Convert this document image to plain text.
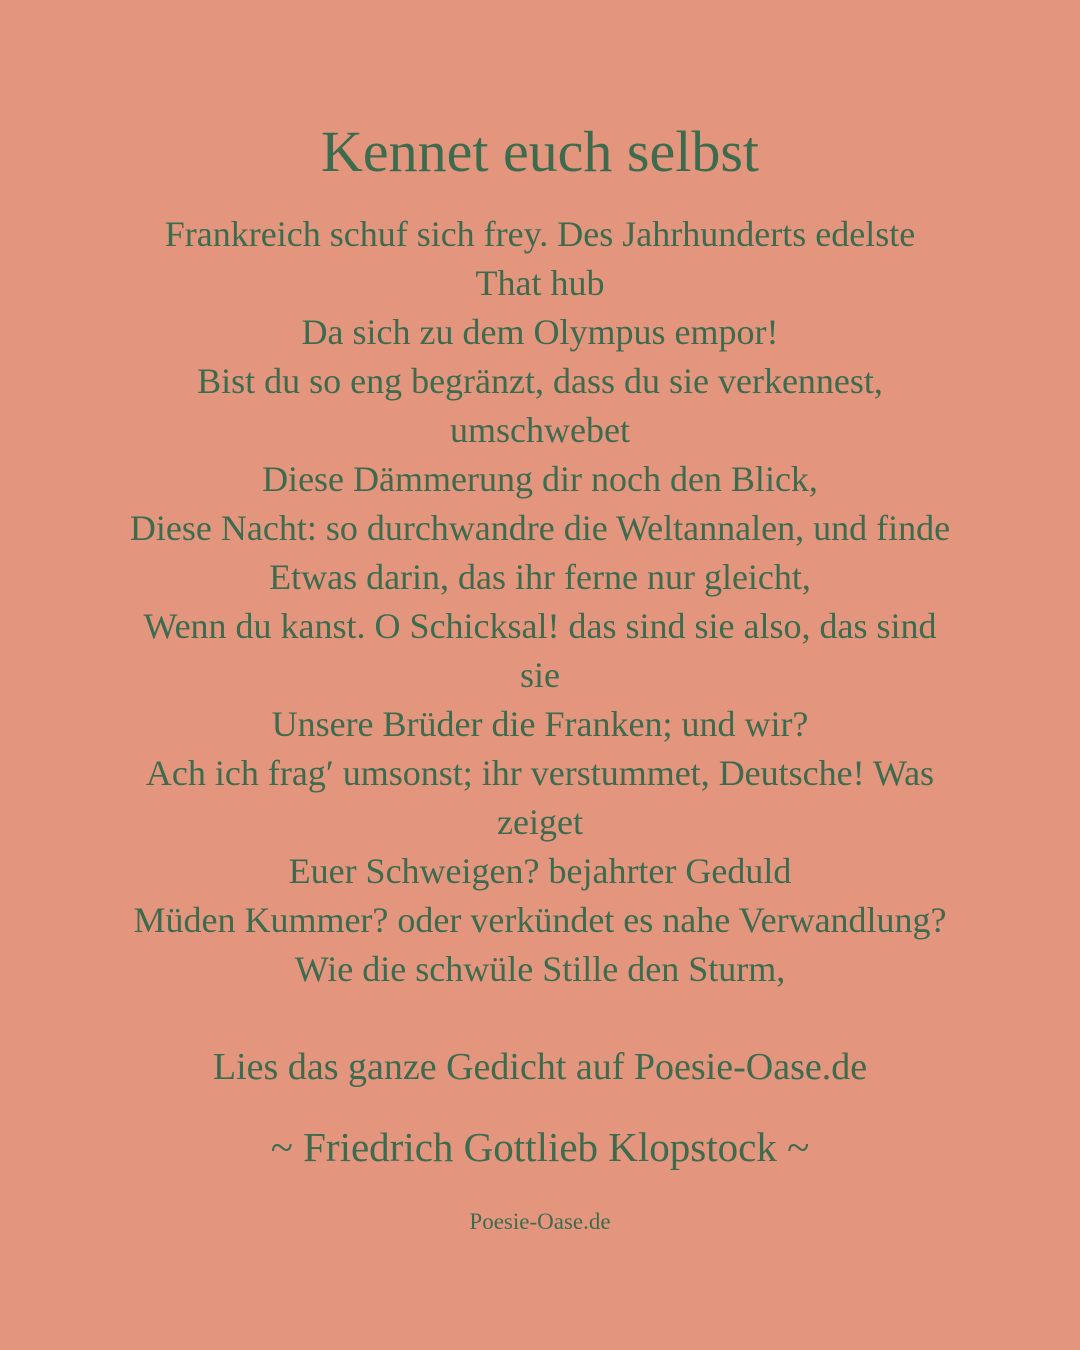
Kennet euch selbst
Frankreich schuf sich frey. Des Jahrhunderts edelste
That hub
Da sich zu dem Olympus empor!
Bist du so eng begränzt, dass du sie verkennest,
umschwebet
Diese Dämmerung dir noch den Blick,
Diese Nacht: so durchwandre die Weltannalen, und finde
Etwas darin, das ihr ferne nur gleicht,
Wenn du kanst. O Schicksal! das sind sie also, das sind
sie
Unsere Brüder die Franken; und wir?
Ach ich frag′ umsonst; ihr verstummet, Deutsche! Was
zeiget
Euer Schweigen? bejahrter Geduld
Müden Kummer? oder verkündet es nahe Verwandlung?
Wie die schwüle Stille den Sturm,
Lies das ganze Gedicht auf Poesie-Oase.de
~ Friedrich Gottlieb Klopstock ~
Poesie-Oase.de
